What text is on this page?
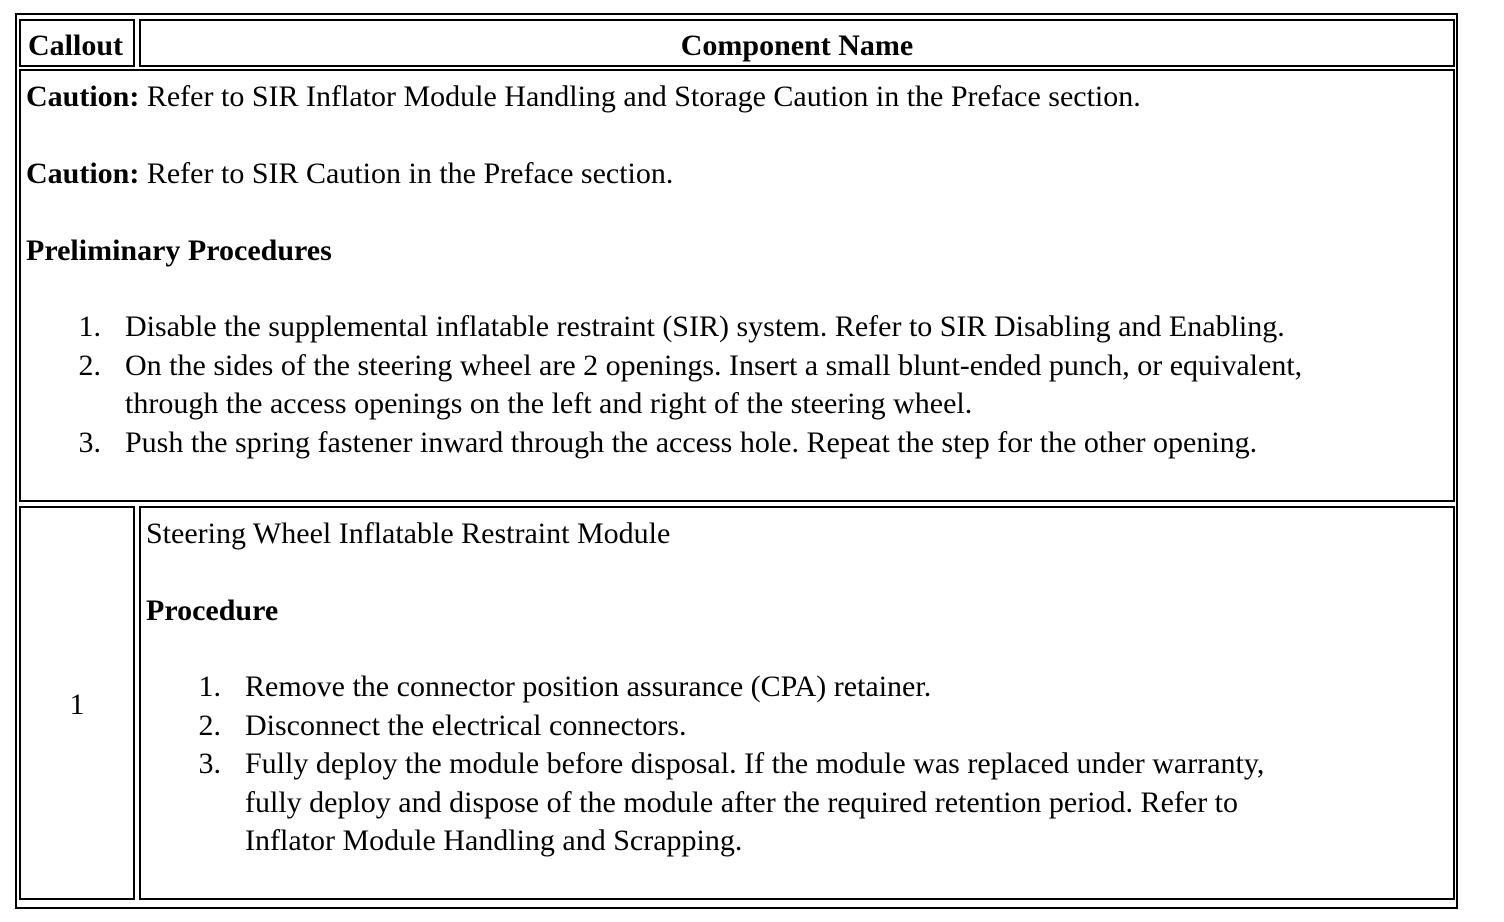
Callout	Component Name
Caution: Refer to SIR Inflator Module Handling and Storage Caution in the Preface section.
Caution: Refer to SIR Caution in the Preface section.
Preliminary Procedures
1. Disable the supplemental inflatable restraint (SIR) system. Refer to SIR Disabling and Enabling.
2. On the sides of the steering wheel are 2 openings. Insert a small blunt-ended punch, or equivalent,
through the access openings on the left and right of the steering wheel.
3. Push the spring fastener inward through the access hole. Repeat the step for the other opening.
1
Steering Wheel Inflatable Restraint Module
Procedure
1. Remove the connector position assurance (CPA) retainer.
2. Disconnect the electrical connectors.
3. Fully deploy the module before disposal. If the module was replaced under warranty,
fully deploy and dispose of the module after the required retention period. Refer to
Inflator Module Handling and Scrapping.
